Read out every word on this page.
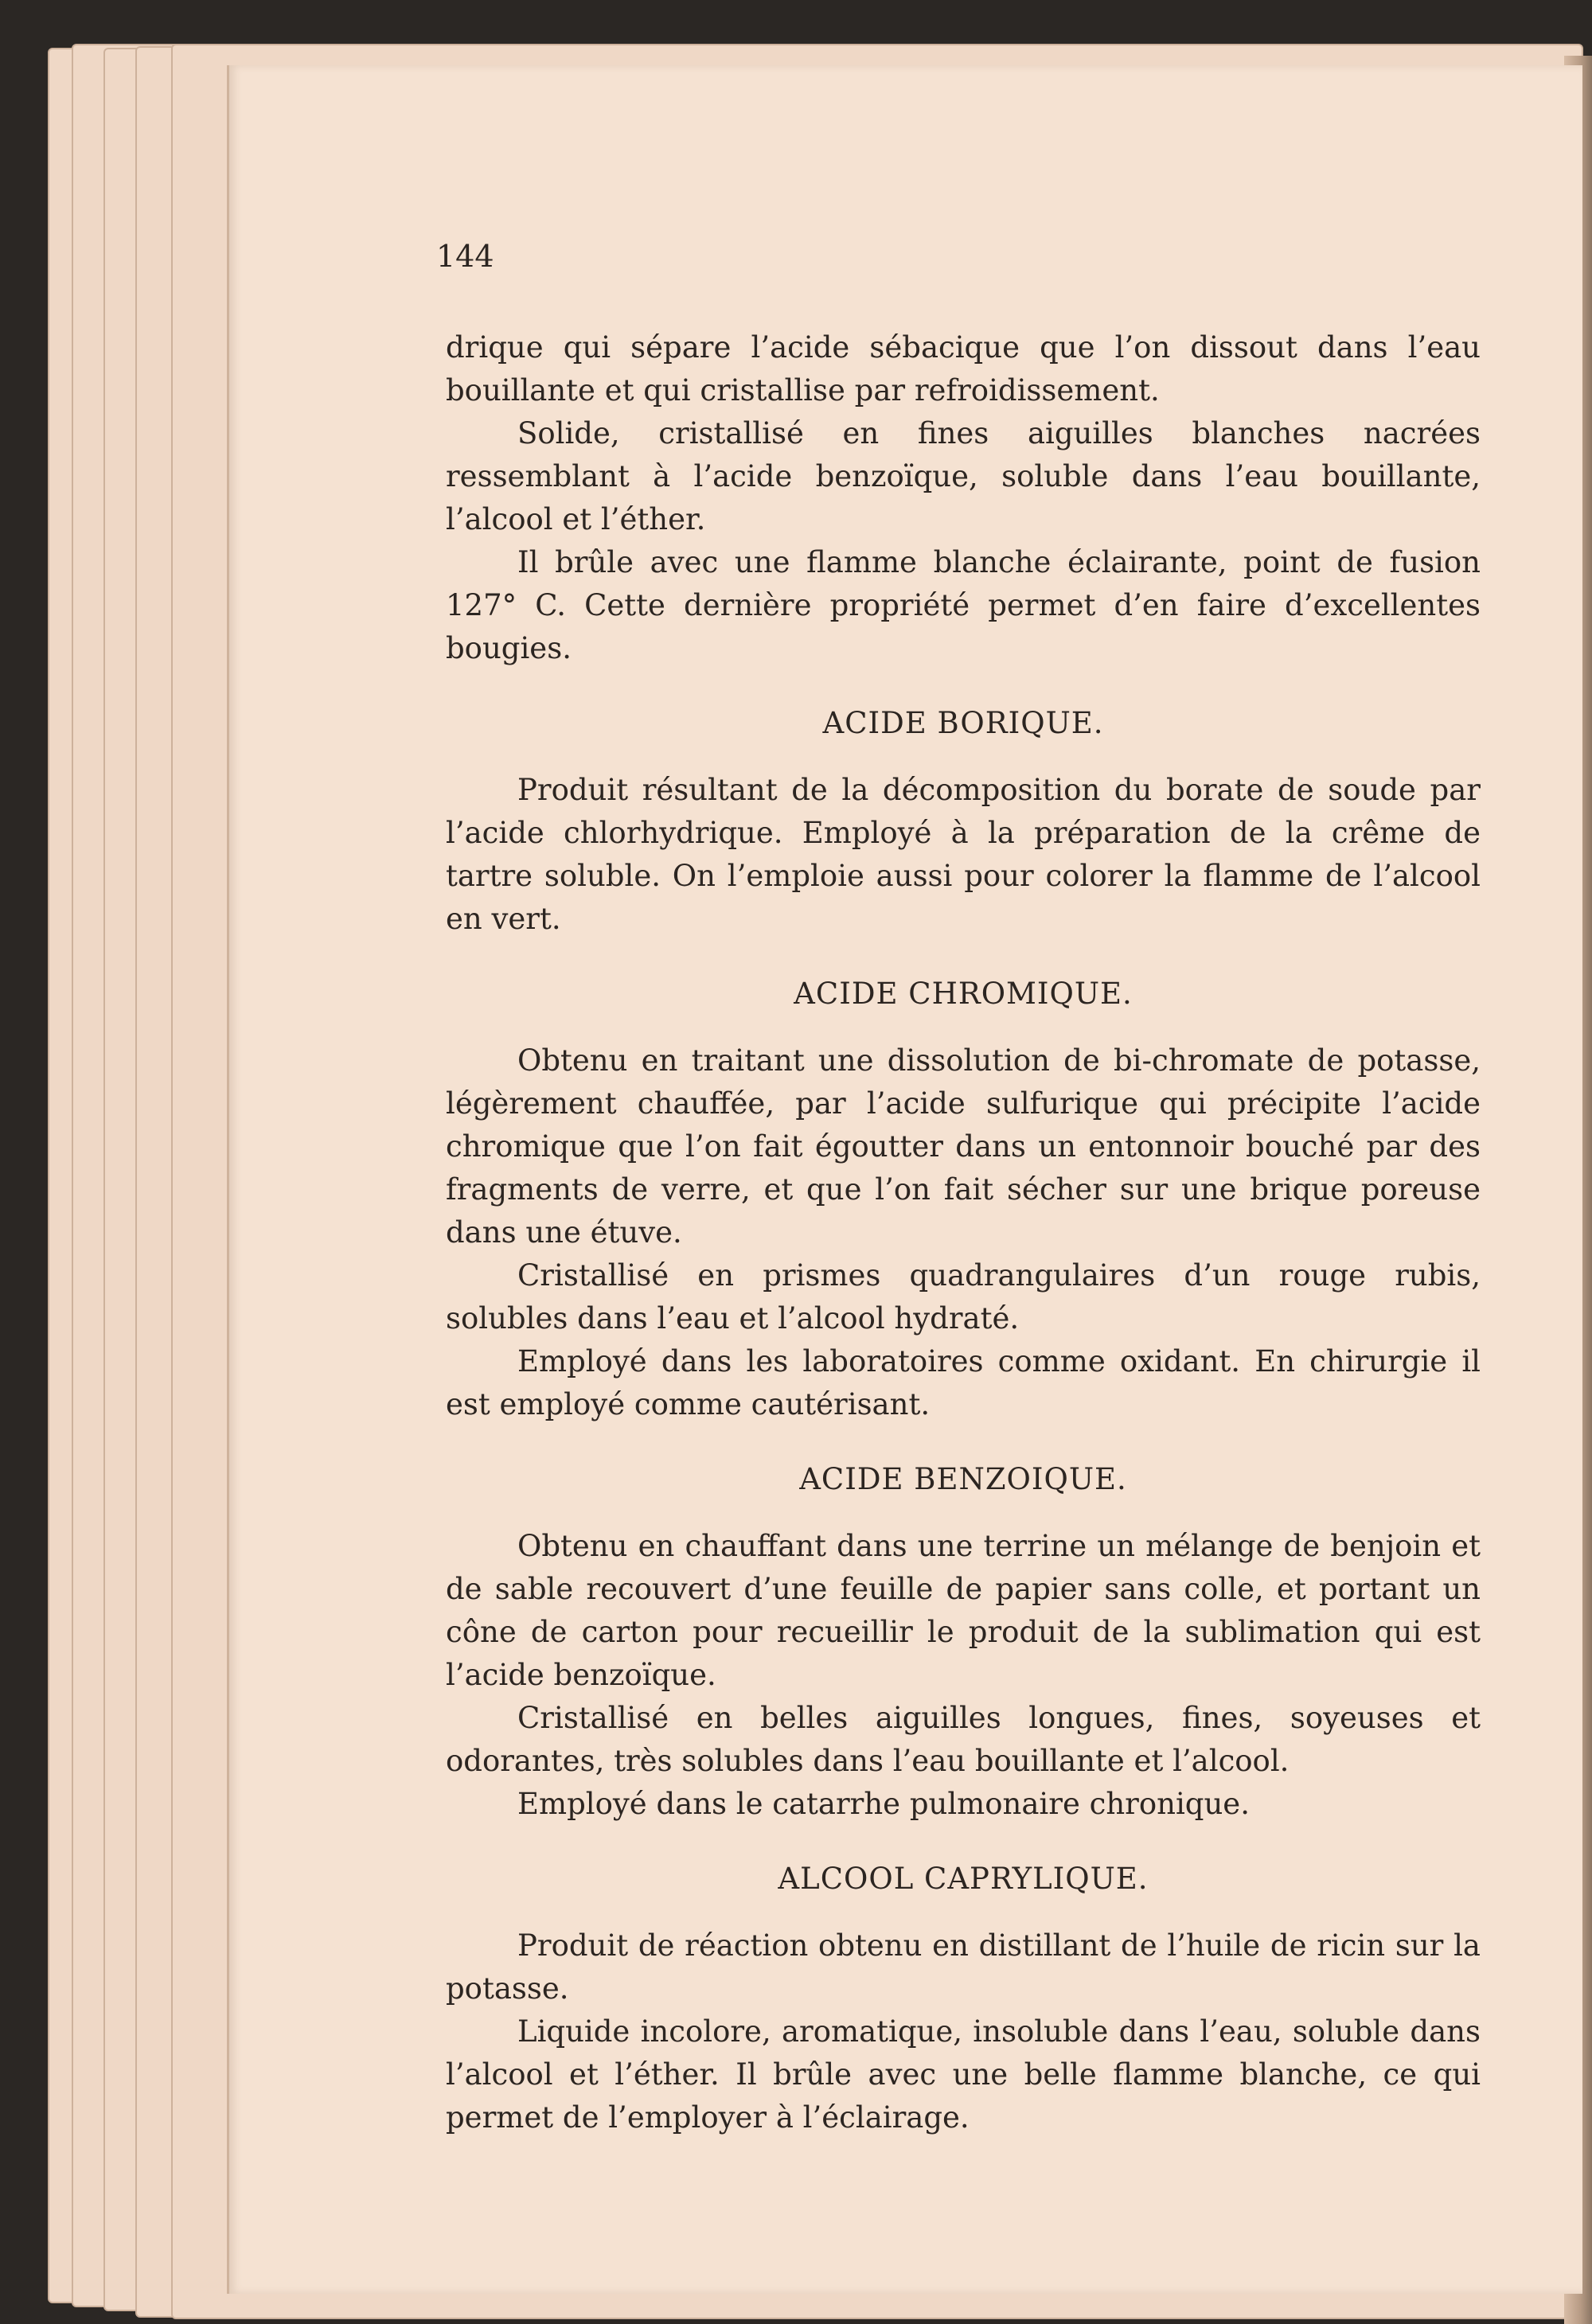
144

drique qui sépare l’acide sébacique que l’on dissout dans l’eau bouillante et qui cristallise par refroidissement.

Solide, cristallisé en fines aiguilles blanches nacrées ressemblant à l’acide benzoïque, soluble dans l’eau bouillante, l’alcool et l’éther.

Il brûle avec une flamme blanche éclairante, point de fusion 127° C. Cette dernière propriété permet d’en faire d’excellentes bougies.

ACIDE BORIQUE.

Produit résultant de la décomposition du borate de soude par l’acide chlorhydrique. Employé à la préparation de la crême de tartre soluble. On l’emploie aussi pour colorer la flamme de l’alcool en vert.

ACIDE CHROMIQUE.

Obtenu en traitant une dissolution de bi-chromate de potasse, légèrement chauffée, par l’acide sulfurique qui précipite l’acide chromique que l’on fait égoutter dans un entonnoir bouché par des fragments de verre, et que l’on fait sécher sur une brique poreuse dans une étuve.

Cristallisé en prismes quadrangulaires d’un rouge rubis, solubles dans l’eau et l’alcool hydraté.

Employé dans les laboratoires comme oxidant. En chirurgie il est employé comme cautérisant.

ACIDE BENZOIQUE.

Obtenu en chauffant dans une terrine un mélange de benjoin et de sable recouvert d’une feuille de papier sans colle, et portant un cône de carton pour recueillir le produit de la sublimation qui est l’acide benzoïque.

Cristallisé en belles aiguilles longues, fines, soyeuses et odorantes, très solubles dans l’eau bouillante et l’alcool.

Employé dans le catarrhe pulmonaire chronique.

ALCOOL CAPRYLIQUE.

Produit de réaction obtenu en distillant de l’huile de ricin sur la potasse.

Liquide incolore, aromatique, insoluble dans l’eau, soluble dans l’alcool et l’éther. Il brûle avec une belle flamme blanche, ce qui permet de l’employer à l’éclairage.
